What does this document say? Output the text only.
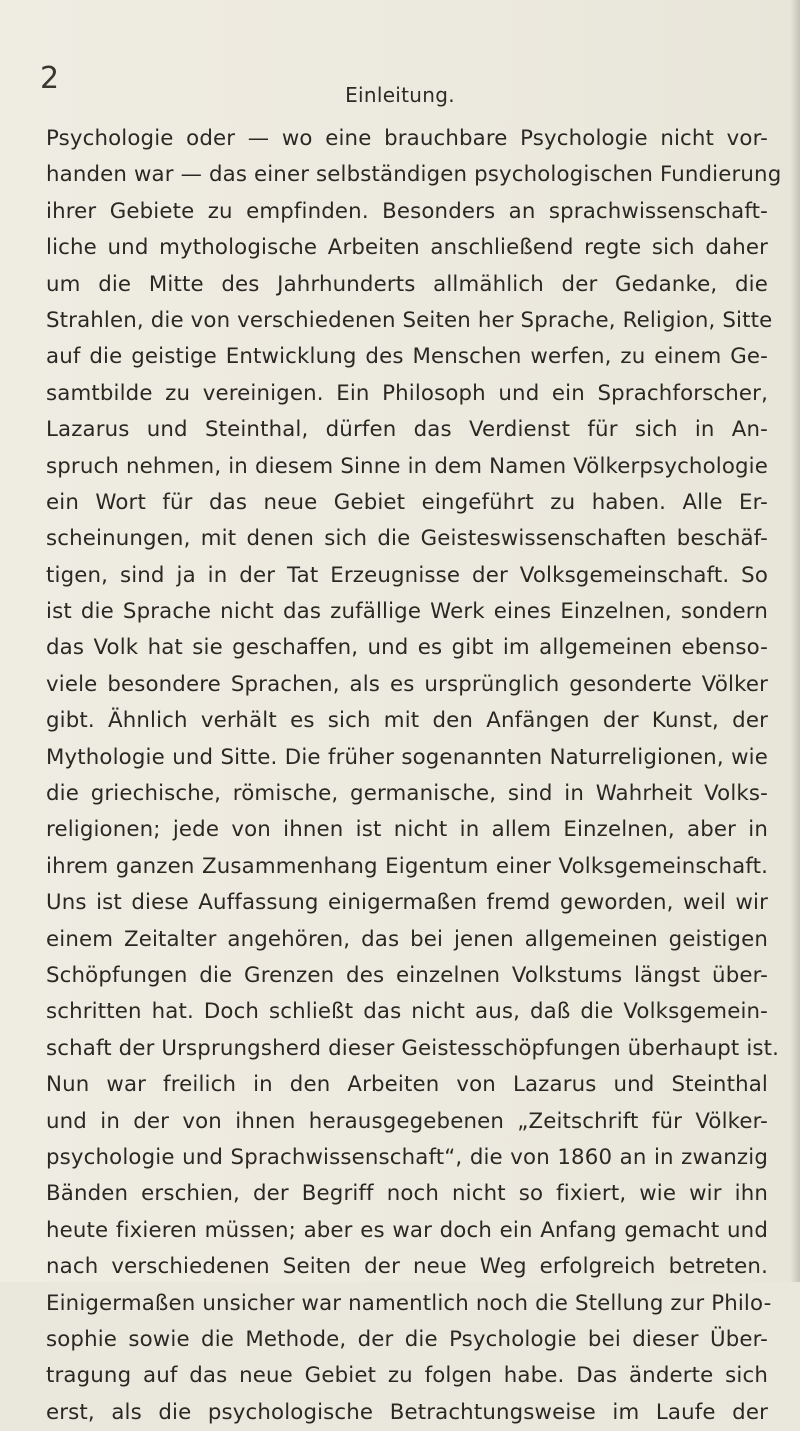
2	Einleitung.
Psychologie oder — wo eine brauchbare Psychologie nicht vor-
handen war — das einer selbständigen psychologischen Fundierung
ihrer Gebiete zu empfinden. Besonders an sprachwissenschaft-
liche und mythologische Arbeiten anschließend regte sich daher
um die Mitte des Jahrhunderts allmählich der Gedanke, die
Strahlen, die von verschiedenen Seiten her Sprache, Religion, Sitte
auf die geistige Entwicklung des Menschen werfen, zu einem Ge-
samtbilde zu vereinigen. Ein Philosoph und ein Sprachforscher,
Lazarus und Steinthal, dürfen das Verdienst für sich in An-
spruch nehmen, in diesem Sinne in dem Namen Völkerpsychologie
ein Wort für das neue Gebiet eingeführt zu haben. Alle Er-
scheinungen, mit denen sich die Geisteswissenschaften beschäf-
tigen, sind ja in der Tat Erzeugnisse der Volksgemeinschaft. So
ist die Sprache nicht das zufällige Werk eines Einzelnen, sondern
das Volk hat sie geschaffen, und es gibt im allgemeinen ebenso-
viele besondere Sprachen, als es ursprünglich gesonderte Völker
gibt. Ähnlich verhält es sich mit den Anfängen der Kunst, der
Mythologie und Sitte. Die früher sogenannten Naturreligionen, wie
die griechische, römische, germanische, sind in Wahrheit Volks-
religionen; jede von ihnen ist nicht in allem Einzelnen, aber in
ihrem ganzen Zusammenhang Eigentum einer Volksgemeinschaft.
Uns ist diese Auffassung einigermaßen fremd geworden, weil wir
einem Zeitalter angehören, das bei jenen allgemeinen geistigen
Schöpfungen die Grenzen des einzelnen Volkstums längst über-
schritten hat. Doch schließt das nicht aus, daß die Volksgemein-
schaft der Ursprungsherd dieser Geistesschöpfungen überhaupt ist.
Nun war freilich in den Arbeiten von Lazarus und Steinthal
und in der von ihnen herausgegebenen „Zeitschrift für Völker-
psychologie und Sprachwissenschaft“, die von 1860 an in zwanzig
Bänden erschien, der Begriff noch nicht so fixiert, wie wir ihn
heute fixieren müssen; aber es war doch ein Anfang gemacht und
nach verschiedenen Seiten der neue Weg erfolgreich betreten.
Einigermaßen unsicher war namentlich noch die Stellung zur Philo-
sophie sowie die Methode, der die Psychologie bei dieser Über-
tragung auf das neue Gebiet zu folgen habe. Das änderte sich
erst, als die psychologische Betrachtungsweise im Laufe der
